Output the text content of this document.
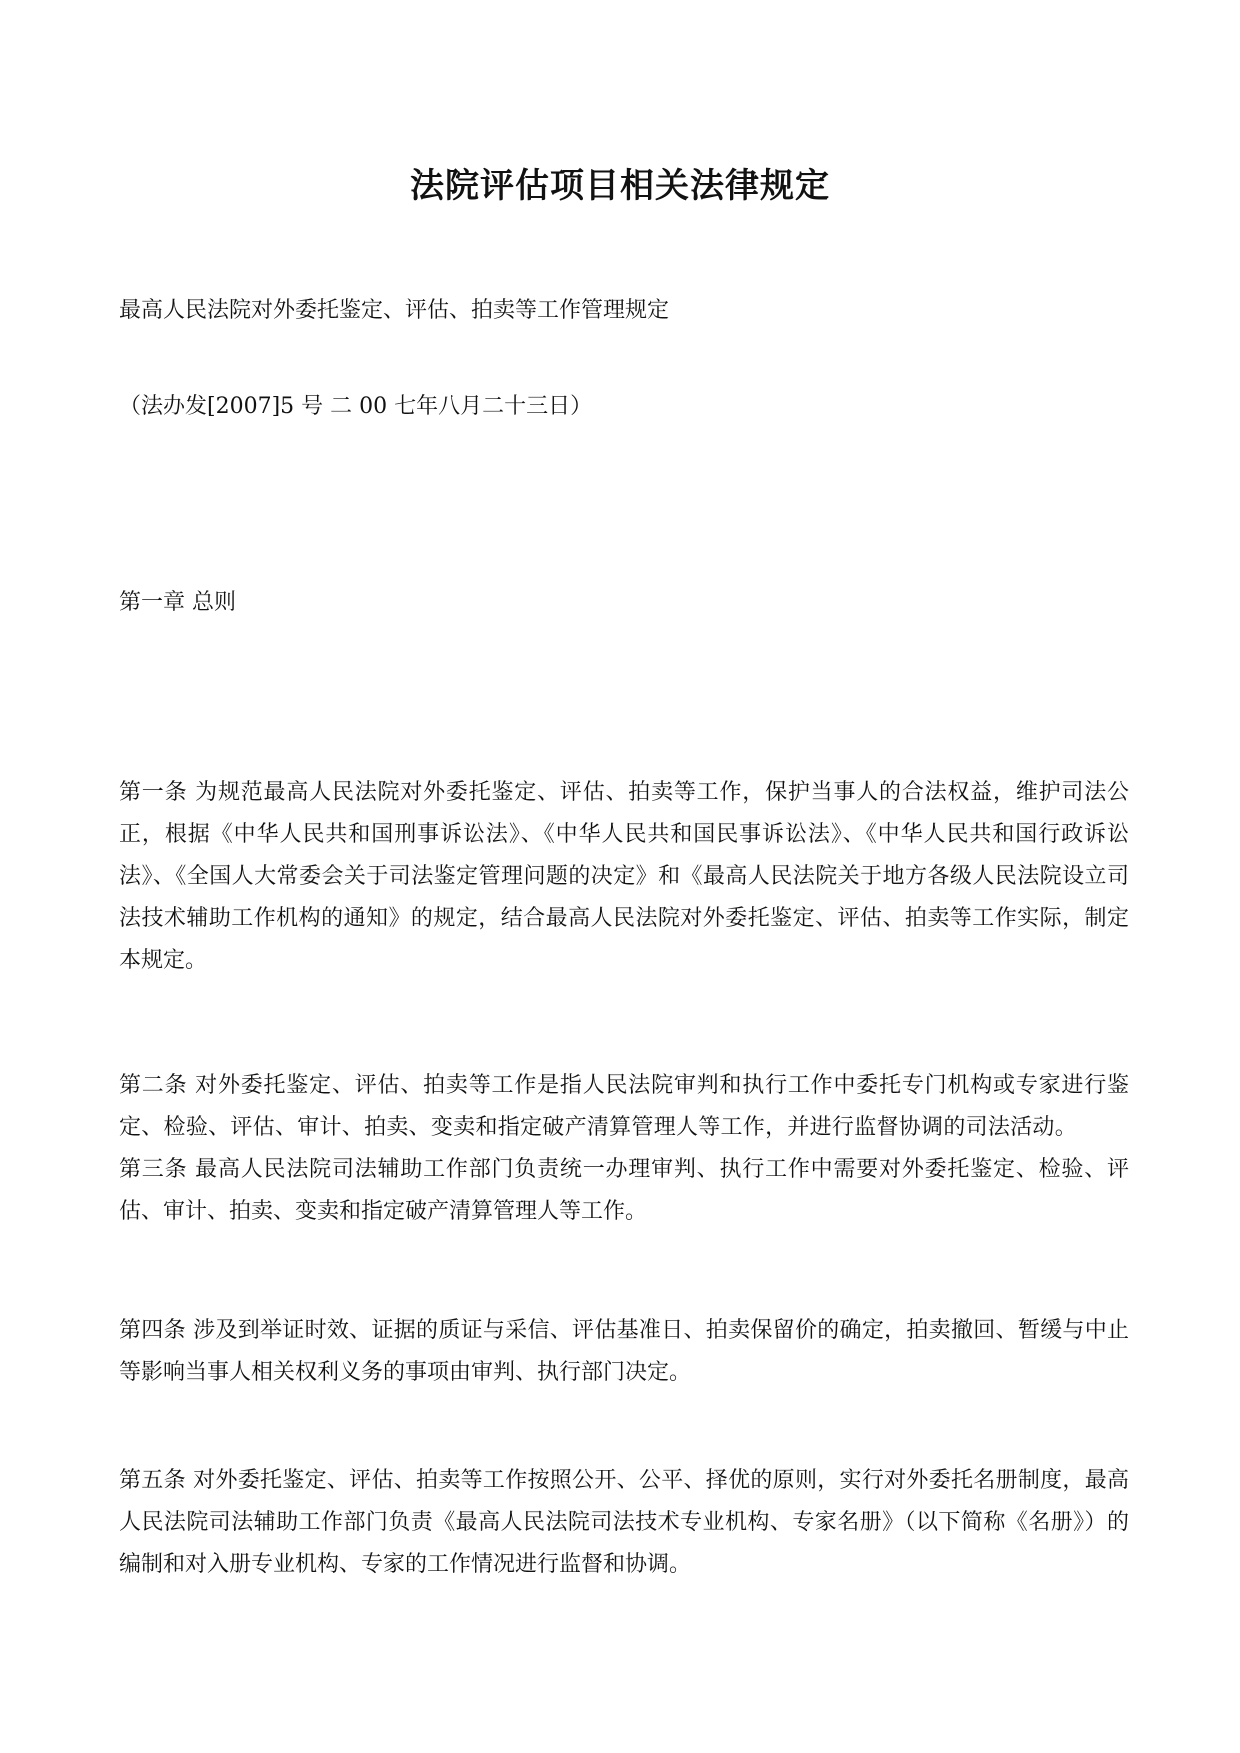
法院评估项目相关法律规定

最高人民法院对外委托鉴定、评估、拍卖等工作管理规定

（法办发[2007]5 号 二 00 七年八月二十三日）

第一章 总则

第一条 为规范最高人民法院对外委托鉴定、评估、拍卖等工作，保护当事人的合法权益，维护司法公正，根据《中华人民共和国刑事诉讼法》、《中华人民共和国民事诉讼法》、《中华人民共和国行政诉讼法》、《全国人大常委会关于司法鉴定管理问题的决定》和《最高人民法院关于地方各级人民法院设立司法技术辅助工作机构的通知》的规定，结合最高人民法院对外委托鉴定、评估、拍卖等工作实际，制定本规定。

第二条 对外委托鉴定、评估、拍卖等工作是指人民法院审判和执行工作中委托专门机构或专家进行鉴定、检验、评估、审计、拍卖、变卖和指定破产清算管理人等工作，并进行监督协调的司法活动。第三条 最高人民法院司法辅助工作部门负责统一办理审判、执行工作中需要对外委托鉴定、检验、评估、审计、拍卖、变卖和指定破产清算管理人等工作。

第四条 涉及到举证时效、证据的质证与采信、评估基准日、拍卖保留价的确定，拍卖撤回、暂缓与中止等影响当事人相关权利义务的事项由审判、执行部门决定。

第五条 对外委托鉴定、评估、拍卖等工作按照公开、公平、择优的原则，实行对外委托名册制度，最高人民法院司法辅助工作部门负责《最高人民法院司法技术专业机构、专家名册》（以下简称《名册》）的编制和对入册专业机构、专家的工作情况进行监督和协调。
